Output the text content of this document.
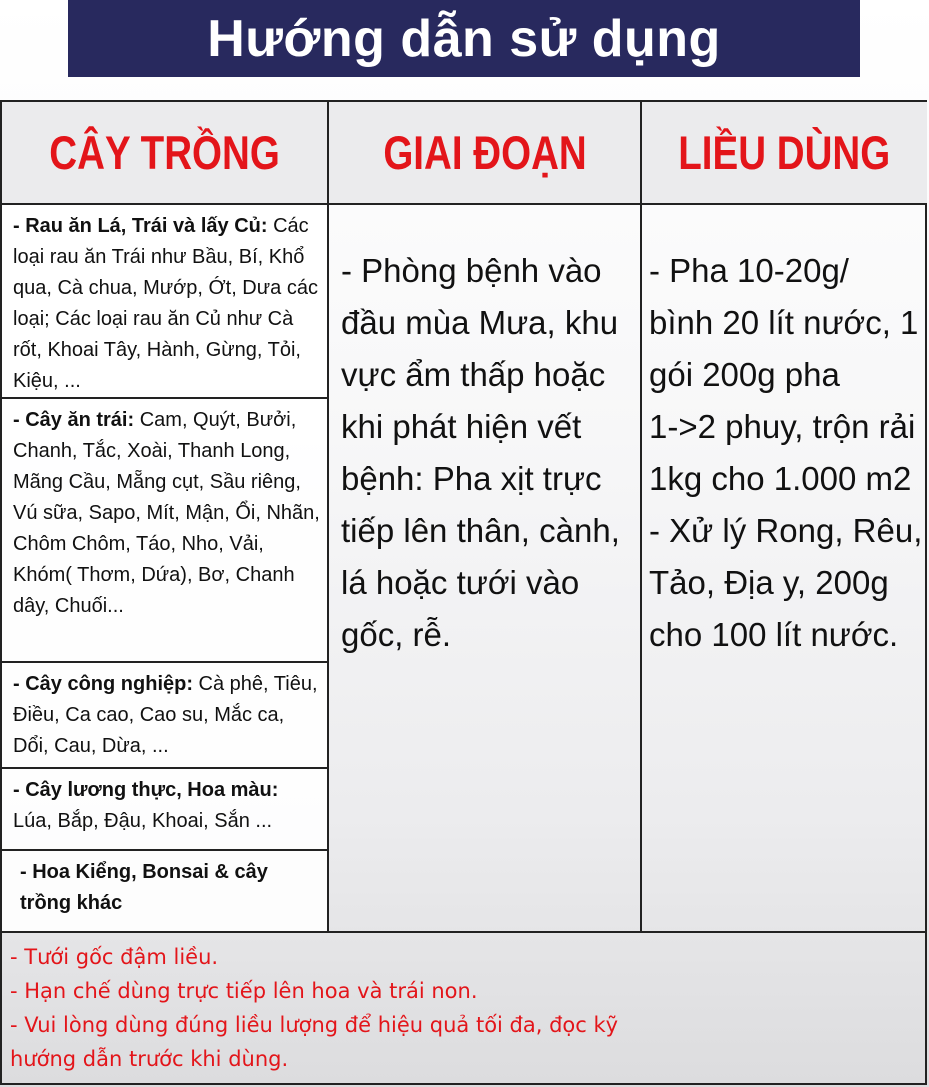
Hướng dẫn sử dụng
CÂY TRỒNG GIAI ĐOẠN LIỀU DÙNG
- Rau ăn Lá, Trái và lấy Củ: Các loại rau ăn Trái như Bầu, Bí, Khổ qua, Cà chua, Mướp, Ớt, Dưa các loại; Các loại rau ăn Củ như Cà rốt, Khoai Tây, Hành, Gừng, Tỏi, Kiệu, ...
- Cây ăn trái: Cam, Quýt, Bưởi, Chanh, Tắc, Xoài, Thanh Long, Mãng Cầu, Mẵng cụt, Sầu riêng, Vú sữa, Sapo, Mít, Mận, Ổi, Nhãn, Chôm Chôm, Táo, Nho, Vải, Khóm( Thơm, Dứa), Bơ, Chanh dây, Chuối...
- Cây công nghiệp: Cà phê, Tiêu, Điều, Ca cao, Cao su, Mắc ca, Dổi, Cau, Dừa, ...
- Cây lương thực, Hoa màu: Lúa, Bắp, Đậu, Khoai, Sắn ...
- Hoa Kiểng, Bonsai & cây trồng khác
- Phòng bệnh vào đầu mùa Mưa, khu vực ẩm thấp hoặc khi phát hiện vết bệnh: Pha xịt trực tiếp lên thân, cành, lá hoặc tưới vào gốc, rễ.
- Pha 10-20g/
bình 20 lít nước, 1
gói 200g pha
1->2 phuy, trộn rải
1kg cho 1.000 m2
- Xử lý Rong, Rêu,
Tảo, Địa y, 200g
cho 100 lít nước.
- Tưới gốc đậm liều.
- Hạn chế dùng trực tiếp lên hoa và trái non.
- Vui lòng dùng đúng liều lượng để hiệu quả tối đa, đọc kỹ
hướng dẫn trước khi dùng.
